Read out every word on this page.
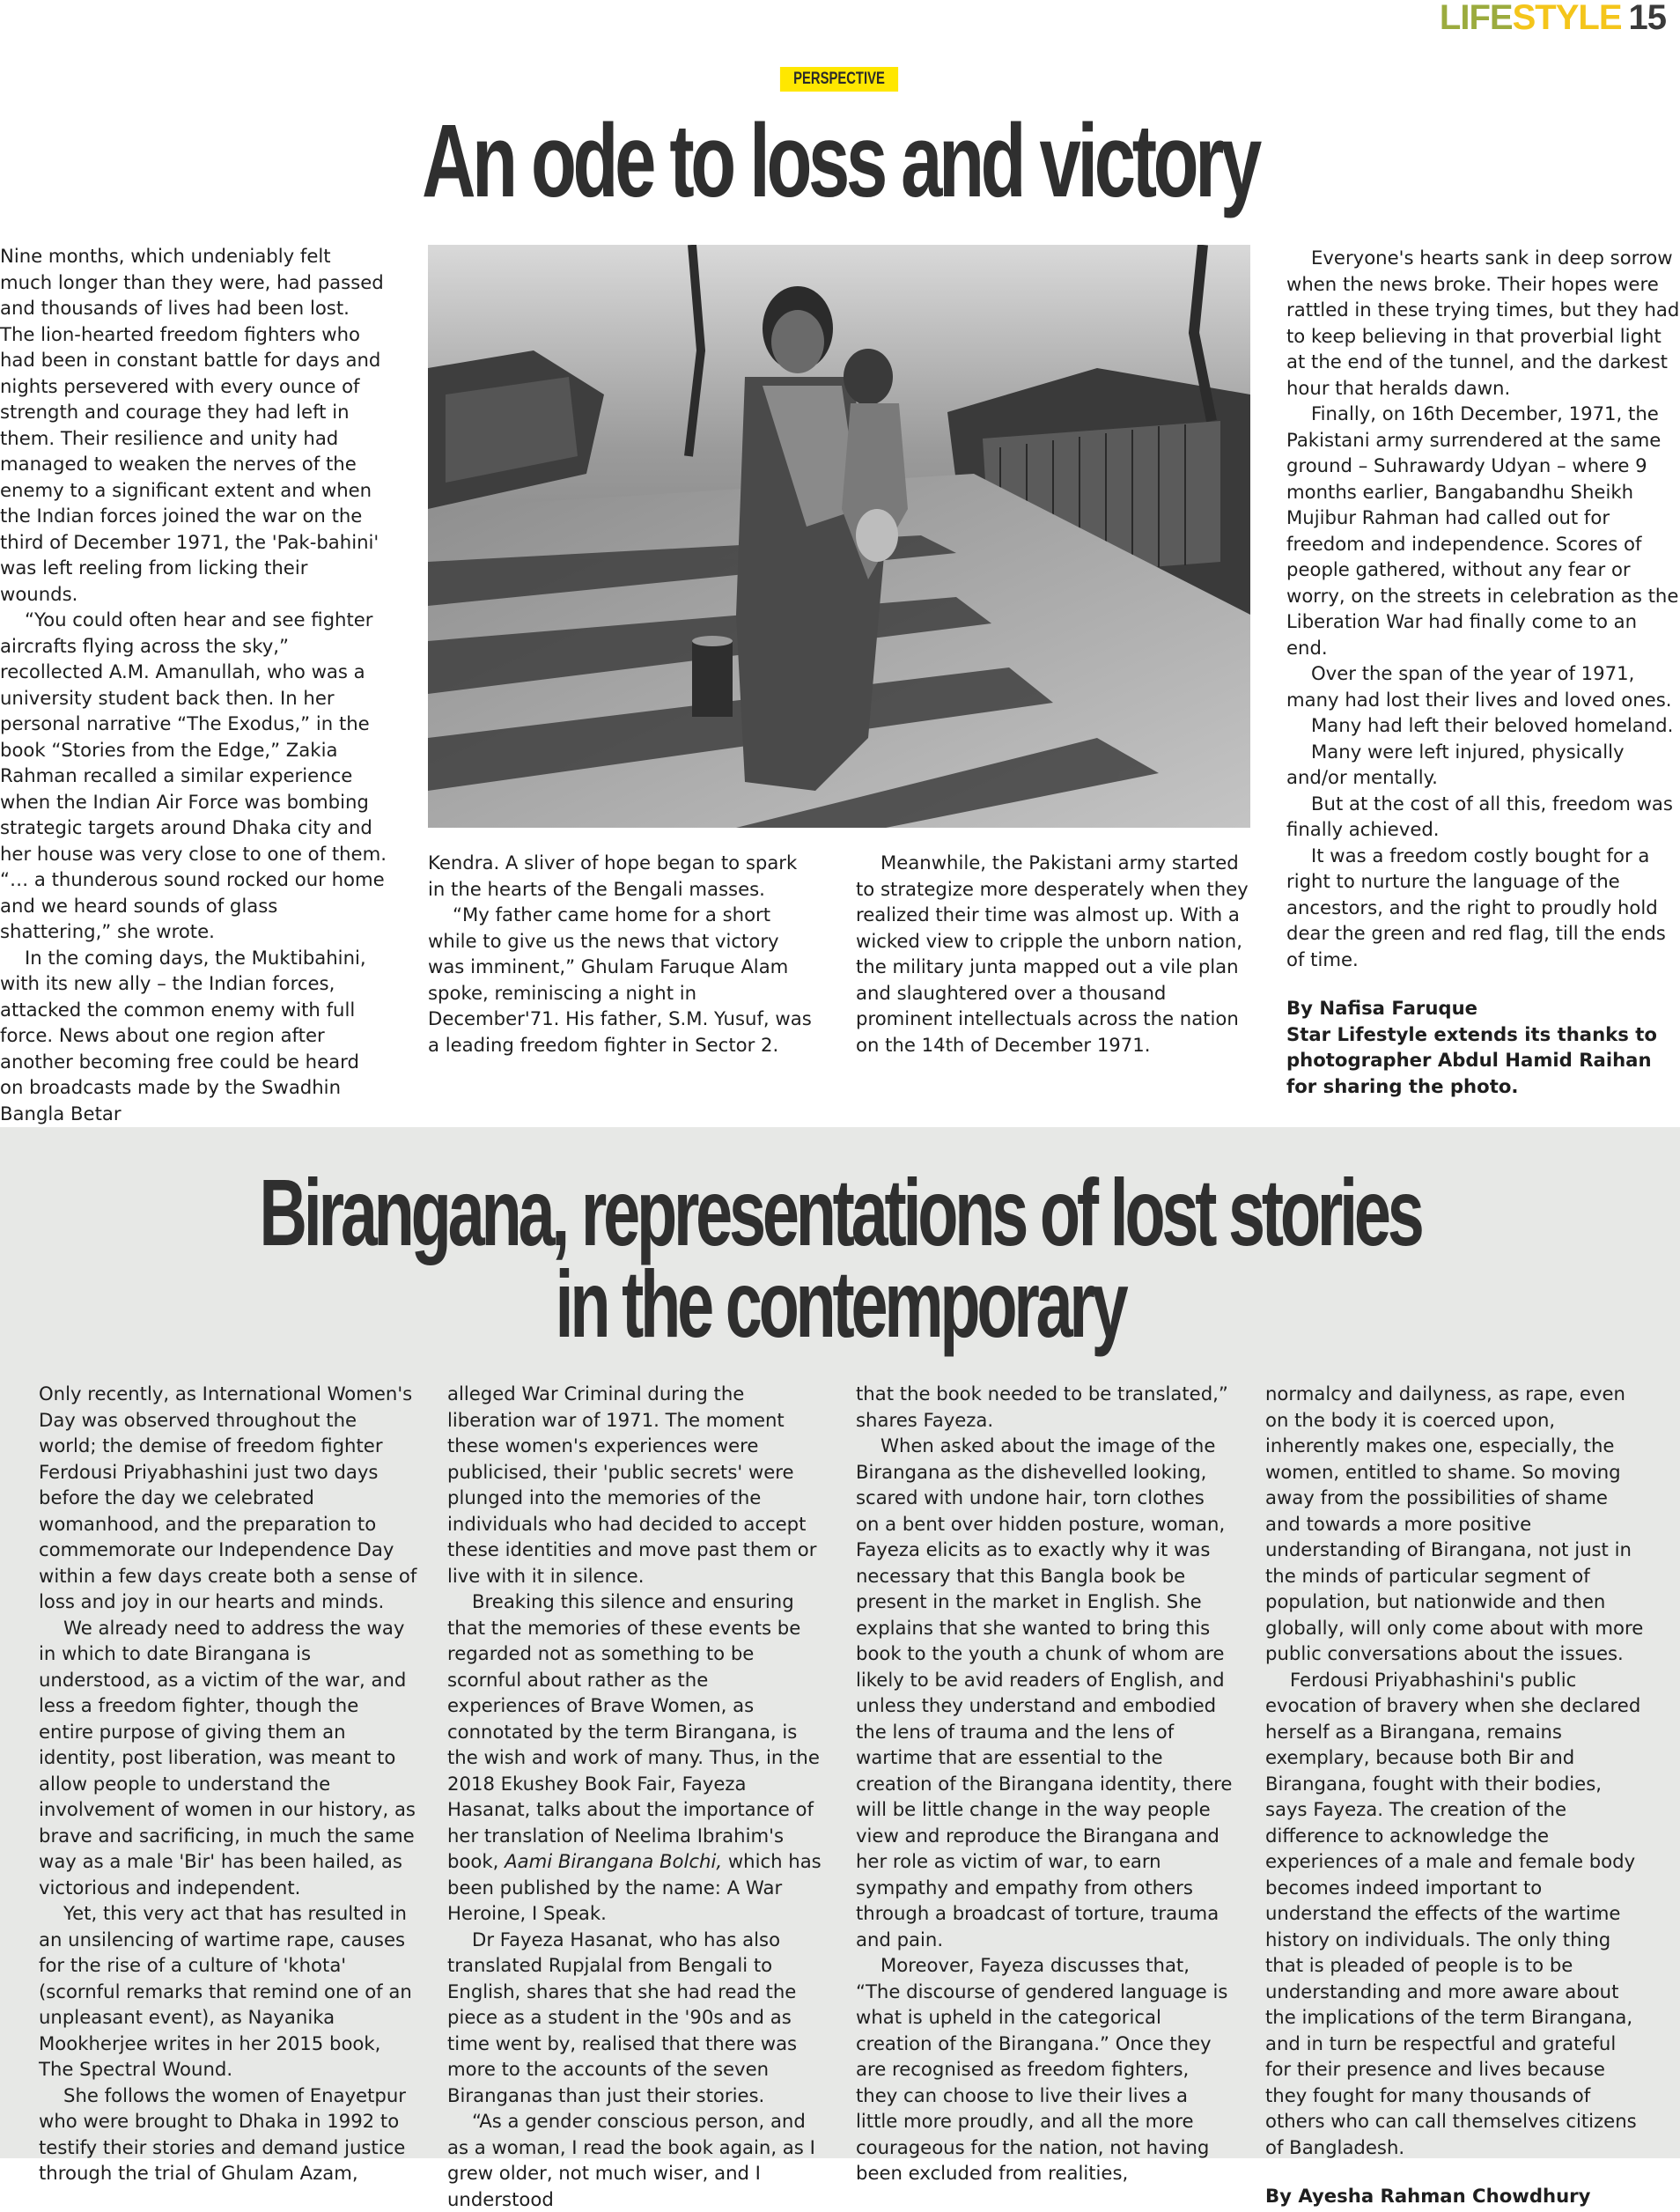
LIFESTYLE 15
PERSPECTIVE
An ode to loss and victory

Nine months, which undeniably felt much longer than they were, had passed and thousands of lives had been lost. The lion-hearted freedom fighters who had been in constant battle for days and nights persevered with every ounce of strength and courage they had left in them. Their resilience and unity had managed to weaken the nerves of the enemy to a significant extent and when the Indian forces joined the war on the third of December 1971, the 'Pak-bahini' was left reeling from licking their wounds.

“You could often hear and see fighter aircrafts flying across the sky,” recollected A.M. Amanullah, who was a university student back then. In her personal narrative “The Exodus,” in the book “Stories from the Edge,” Zakia Rahman recalled a similar experience when the Indian Air Force was bombing strategic targets around Dhaka city and her house was very close to one of them. “… a thunderous sound rocked our home and we heard sounds of glass shattering,” she wrote.

In the coming days, the Muktibahini, with its new ally – the Indian forces, attacked the common enemy with full force. News about one region after another becoming free could be heard on broadcasts made by the Swadhin Bangla Betar

Kendra. A sliver of hope began to spark in the hearts of the Bengali masses.

“My father came home for a short while to give us the news that victory was imminent,” Ghulam Faruque Alam spoke, reminiscing a night in December'71. His father, S.M. Yusuf, was a leading freedom fighter in Sector 2.

Meanwhile, the Pakistani army started to strategize more desperately when they realized their time was almost up. With a wicked view to cripple the unborn nation, the military junta mapped out a vile plan and slaughtered over a thousand prominent intellectuals across the nation on the 14th of December 1971.

Everyone's hearts sank in deep sorrow when the news broke. Their hopes were rattled in these trying times, but they had to keep believing in that proverbial light at the end of the tunnel, and the darkest hour that heralds dawn.

Finally, on 16th December, 1971, the Pakistani army surrendered at the same ground – Suhrawardy Udyan – where 9 months earlier, Bangabandhu Sheikh Mujibur Rahman had called out for freedom and independence. Scores of people gathered, without any fear or worry, on the streets in celebration as the Liberation War had finally come to an end.

Over the span of the year of 1971, many had lost their lives and loved ones.

Many had left their beloved homeland.

Many were left injured, physically and/or mentally.

But at the cost of all this, freedom was finally achieved.

It was a freedom costly bought for a right to nurture the language of the ancestors, and the right to proudly hold dear the green and red flag, till the ends of time.

By Nafisa Faruque

Star Lifestyle extends its thanks to photographer Abdul Hamid Raihan for sharing the photo.

Birangana, representations of lost stories
in the contemporary

Only recently, as International Women's Day was observed throughout the world; the demise of freedom fighter Ferdousi Priyabhashini just two days before the day we celebrated womanhood, and the preparation to commemorate our Independence Day within a few days create both a sense of loss and joy in our hearts and minds.

We already need to address the way in which to date Birangana is understood, as a victim of the war, and less a freedom fighter, though the entire purpose of giving them an identity, post liberation, was meant to allow people to understand the involvement of women in our history, as brave and sacrificing, in much the same way as a male 'Bir' has been hailed, as victorious and independent.

Yet, this very act that has resulted in an unsilencing of wartime rape, causes for the rise of a culture of 'khota' (scornful remarks that remind one of an unpleasant event), as Nayanika Mookherjee writes in her 2015 book, The Spectral Wound.

She follows the women of Enayetpur who were brought to Dhaka in 1992 to testify their stories and demand justice through the trial of Ghulam Azam,

alleged War Criminal during the liberation war of 1971. The moment these women's experiences were publicised, their 'public secrets' were plunged into the memories of the individuals who had decided to accept these identities and move past them or live with it in silence.

Breaking this silence and ensuring that the memories of these events be regarded not as something to be scornful about rather as the experiences of Brave Women, as connotated by the term Birangana, is the wish and work of many. Thus, in the 2018 Ekushey Book Fair, Fayeza Hasanat, talks about the importance of her translation of Neelima Ibrahim's book, Aami Birangana Bolchi, which has been published by the name: A War Heroine, I Speak.

Dr Fayeza Hasanat, who has also translated Rupjalal from Bengali to English, shares that she had read the piece as a student in the '90s and as time went by, realised that there was more to the accounts of the seven Biranganas than just their stories.

“As a gender conscious person, and as a woman, I read the book again, as I grew older, not much wiser, and I understood

that the book needed to be translated,” shares Fayeza.

When asked about the image of the Birangana as the dishevelled looking, scared with undone hair, torn clothes on a bent over hidden posture, woman, Fayeza elicits as to exactly why it was necessary that this Bangla book be present in the market in English. She explains that she wanted to bring this book to the youth a chunk of whom are likely to be avid readers of English, and unless they understand and embodied the lens of trauma and the lens of wartime that are essential to the creation of the Birangana identity, there will be little change in the way people view and reproduce the Birangana and her role as victim of war, to earn sympathy and empathy from others through a broadcast of torture, trauma and pain.

Moreover, Fayeza discusses that, “The discourse of gendered language is what is upheld in the categorical creation of the Birangana.” Once they are recognised as freedom fighters, they can choose to live their lives a little more proudly, and all the more courageous for the nation, not having been excluded from realities,

normalcy and dailyness, as rape, even on the body it is coerced upon, inherently makes one, especially, the women, entitled to shame. So moving away from the possibilities of shame and towards a more positive understanding of Birangana, not just in the minds of particular segment of population, but nationwide and then globally, will only come about with more public conversations about the issues.

Ferdousi Priyabhashini's public evocation of bravery when she declared herself as a Birangana, remains exemplary, because both Bir and Birangana, fought with their bodies, says Fayeza. The creation of the difference to acknowledge the experiences of a male and female body becomes indeed important to understand the effects of the wartime history on individuals. The only thing that is pleaded of people is to be understanding and more aware about the implications of the term Birangana, and in turn be respectful and grateful for their presence and lives because they fought for many thousands of others who can call themselves citizens of Bangladesh.

By Ayesha Rahman Chowdhury
